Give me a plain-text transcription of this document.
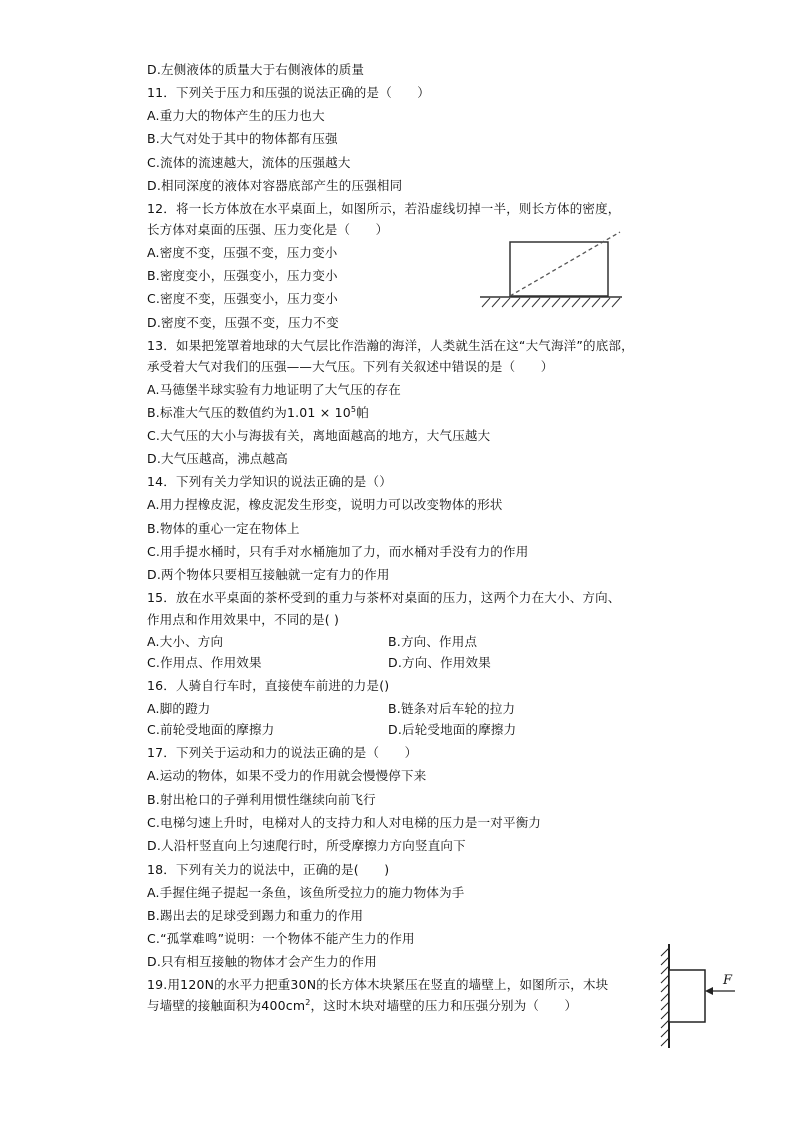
D.左侧液体的质量大于右侧液体的质量
11．下列关于压力和压强的说法正确的是（　　）
A.重力大的物体产生的压力也大
B.大气对处于其中的物体都有压强
C.流体的流速越大，流体的压强越大
D.相同深度的液体对容器底部产生的压强相同
12．将一长方体放在水平桌面上，如图所示，若沿虚线切掉一半，则长方体的密度，
长方体对桌面的压强、压力变化是（　　）
A.密度不变，压强不变，压力变小
B.密度变小，压强变小，压力变小
C.密度不变，压强变小，压力变小
D.密度不变，压强不变，压力不变
13．如果把笼罩着地球的大气层比作浩瀚的海洋，人类就生活在这“大气海洋”的底部，
承受着大气对我们的压强——大气压。下列有关叙述中错误的是（　　）
A.马德堡半球实验有力地证明了大气压的存在
B.标准大气压的数值约为$1.01 \times 10^5$帕
C.大气压的大小与海拔有关，离地面越高的地方，大气压越大
D.大气压越高，沸点越高
14．下列有关力学知识的说法正确的是（）
A.用力捏橡皮泥，橡皮泥发生形变，说明力可以改变物体的形状
B.物体的重心一定在物体上
C.用手提水桶时，只有手对水桶施加了力，而水桶对手没有力的作用
D.两个物体只要相互接触就一定有力的作用
15．放在水平桌面的茶杯受到的重力与茶杯对桌面的压力，这两个力在大小、方向、
作用点和作用效果中，不同的是( )
A.大小、方向	B.方向、作用点
C.作用点、作用效果	D.方向、作用效果
16．人骑自行车时，直接使车前进的力是()
A.脚的蹬力	B.链条对后车轮的拉力
C.前轮受地面的摩擦力	D.后轮受地面的摩擦力
17．下列关于运动和力的说法正确的是（　　）
A.运动的物体，如果不受力的作用就会慢慢停下来
B.射出枪口的子弹利用惯性继续向前飞行
C.电梯匀速上升时，电梯对人的支持力和人对电梯的压力是一对平衡力
D.人沿杆竖直向上匀速爬行时，所受摩擦力方向竖直向下
18．下列有关力的说法中，正确的是(　　)
A.手握住绳子提起一条鱼，该鱼所受拉力的施力物体为手
B.踢出去的足球受到踢力和重力的作用
C.“孤掌难鸣”说明：一个物体不能产生力的作用
D.只有相互接触的物体才会产生力的作用
19.用120N的水平力把重30N的长方体木块紧压在竖直的墙壁上，如图所示，木块
与墙壁的接触面积为$400cm^2$，这时木块对墙壁的压力和压强分别为（　　）
F
